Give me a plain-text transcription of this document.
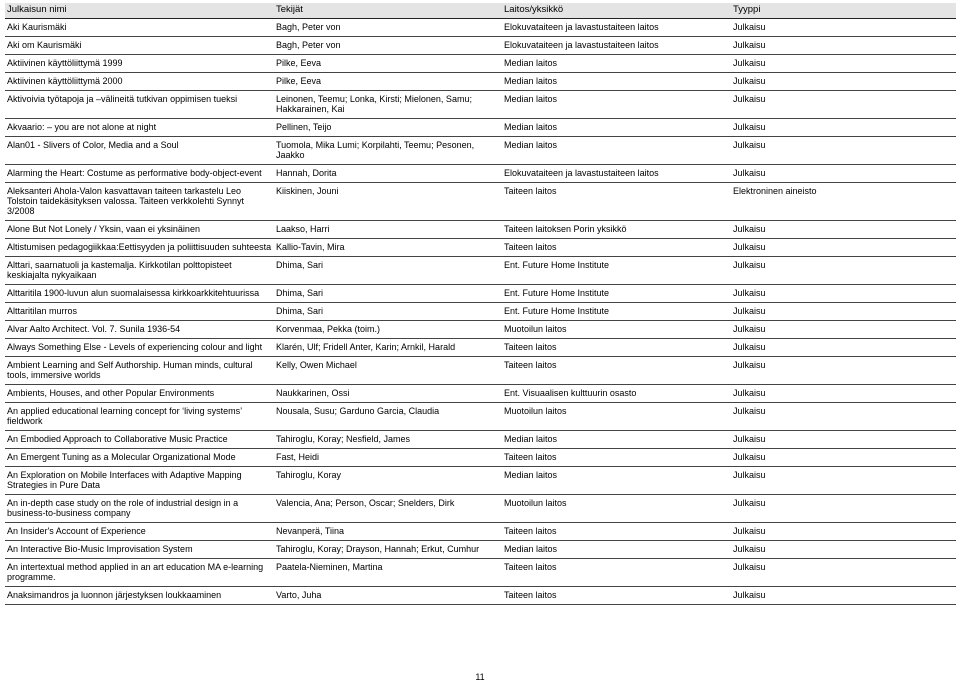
Julkaisun nimi	Tekijät	Laitos/yksikkö	Tyyppi
Aki Kaurismäki	Bagh, Peter von	Elokuvataiteen ja lavastustaiteen laitos	Julkaisu
Aki om Kaurismäki	Bagh, Peter von	Elokuvataiteen ja lavastustaiteen laitos	Julkaisu
Aktiivinen käyttöliittymä 1999	Pilke, Eeva	Median laitos	Julkaisu
Aktiivinen käyttöliittymä 2000	Pilke, Eeva	Median laitos	Julkaisu
Aktivoivia työtapoja ja –välineitä tutkivan oppimisen tueksi	Leinonen, Teemu; Lonka, Kirsti; Mielonen, Samu; Hakkarainen, Kai	Median laitos	Julkaisu
Akvaario: – you are not alone at night	Pellinen, Teijo	Median laitos	Julkaisu
Alan01 - Slivers of Color, Media and a Soul	Tuomola, Mika Lumi; Korpilahti, Teemu; Pesonen, Jaakko	Median laitos	Julkaisu
Alarming the Heart: Costume as performative body-object-event	Hannah, Dorita	Elokuvataiteen ja lavastustaiteen laitos	Julkaisu
Aleksanteri Ahola-Valon kasvattavan taiteen tarkastelu Leo Tolstoin taidekäsityksen valossa. Taiteen verkkolehti Synnyt 3/2008	Kiiskinen, Jouni	Taiteen laitos	Elektroninen aineisto
Alone But Not Lonely / Yksin, vaan ei yksinäinen	Laakso, Harri	Taiteen laitoksen Porin yksikkö	Julkaisu
Altistumisen pedagogiikkaa:Eettisyyden ja poliittisuuden suhteesta	Kallio-Tavin, Mira	Taiteen laitos	Julkaisu
Alttari, saarnatuoli ja kastemalja. Kirkkotilan polttopisteet keskiajalta nykyaikaan	Dhima, Sari	Ent. Future Home Institute	Julkaisu
Alttaritila 1900-luvun alun suomalaisessa kirkkoarkkitehtuurissa	Dhima, Sari	Ent. Future Home Institute	Julkaisu
Alttaritilan murros	Dhima, Sari	Ent. Future Home Institute	Julkaisu
Alvar Aalto Architect. Vol. 7. Sunila 1936-54	Korvenmaa, Pekka (toim.)	Muotoilun laitos	Julkaisu
Always Something Else - Levels of experiencing colour and light	Klarén, Ulf; Fridell Anter, Karin; Arnkil, Harald	Taiteen laitos	Julkaisu
Ambient Learning and Self Authorship. Human minds, cultural tools, immersive worlds	Kelly, Owen Michael	Taiteen laitos	Julkaisu
Ambients, Houses, and other Popular Environments	Naukkarinen, Ossi	Ent. Visuaalisen kulttuurin osasto	Julkaisu
An applied educational learning concept for ‘living systems’ fieldwork	Nousala, Susu; Garduno Garcia, Claudia	Muotoilun laitos	Julkaisu
An Embodied Approach to Collaborative Music Practice	Tahiroglu, Koray; Nesfield, James	Median laitos	Julkaisu
An Emergent Tuning as a Molecular Organizational Mode	Fast, Heidi	Taiteen laitos	Julkaisu
An Exploration on Mobile Interfaces with Adaptive Mapping Strategies in Pure Data	Tahiroglu, Koray	Median laitos	Julkaisu
An in-depth case study on the role of industrial design in a business-to-business company	Valencia, Ana; Person, Oscar; Snelders, Dirk	Muotoilun laitos	Julkaisu
An Insider's Account of Experience	Nevanperä, Tiina	Taiteen laitos	Julkaisu
An Interactive Bio-Music Improvisation System	Tahiroglu, Koray; Drayson, Hannah; Erkut, Cumhur	Median laitos	Julkaisu
An intertextual method applied in an art education MA e-learning programme.	Paatela-Nieminen, Martina	Taiteen laitos	Julkaisu
Anaksimandros ja luonnon järjestyksen loukkaaminen	Varto, Juha	Taiteen laitos	Julkaisu
11
